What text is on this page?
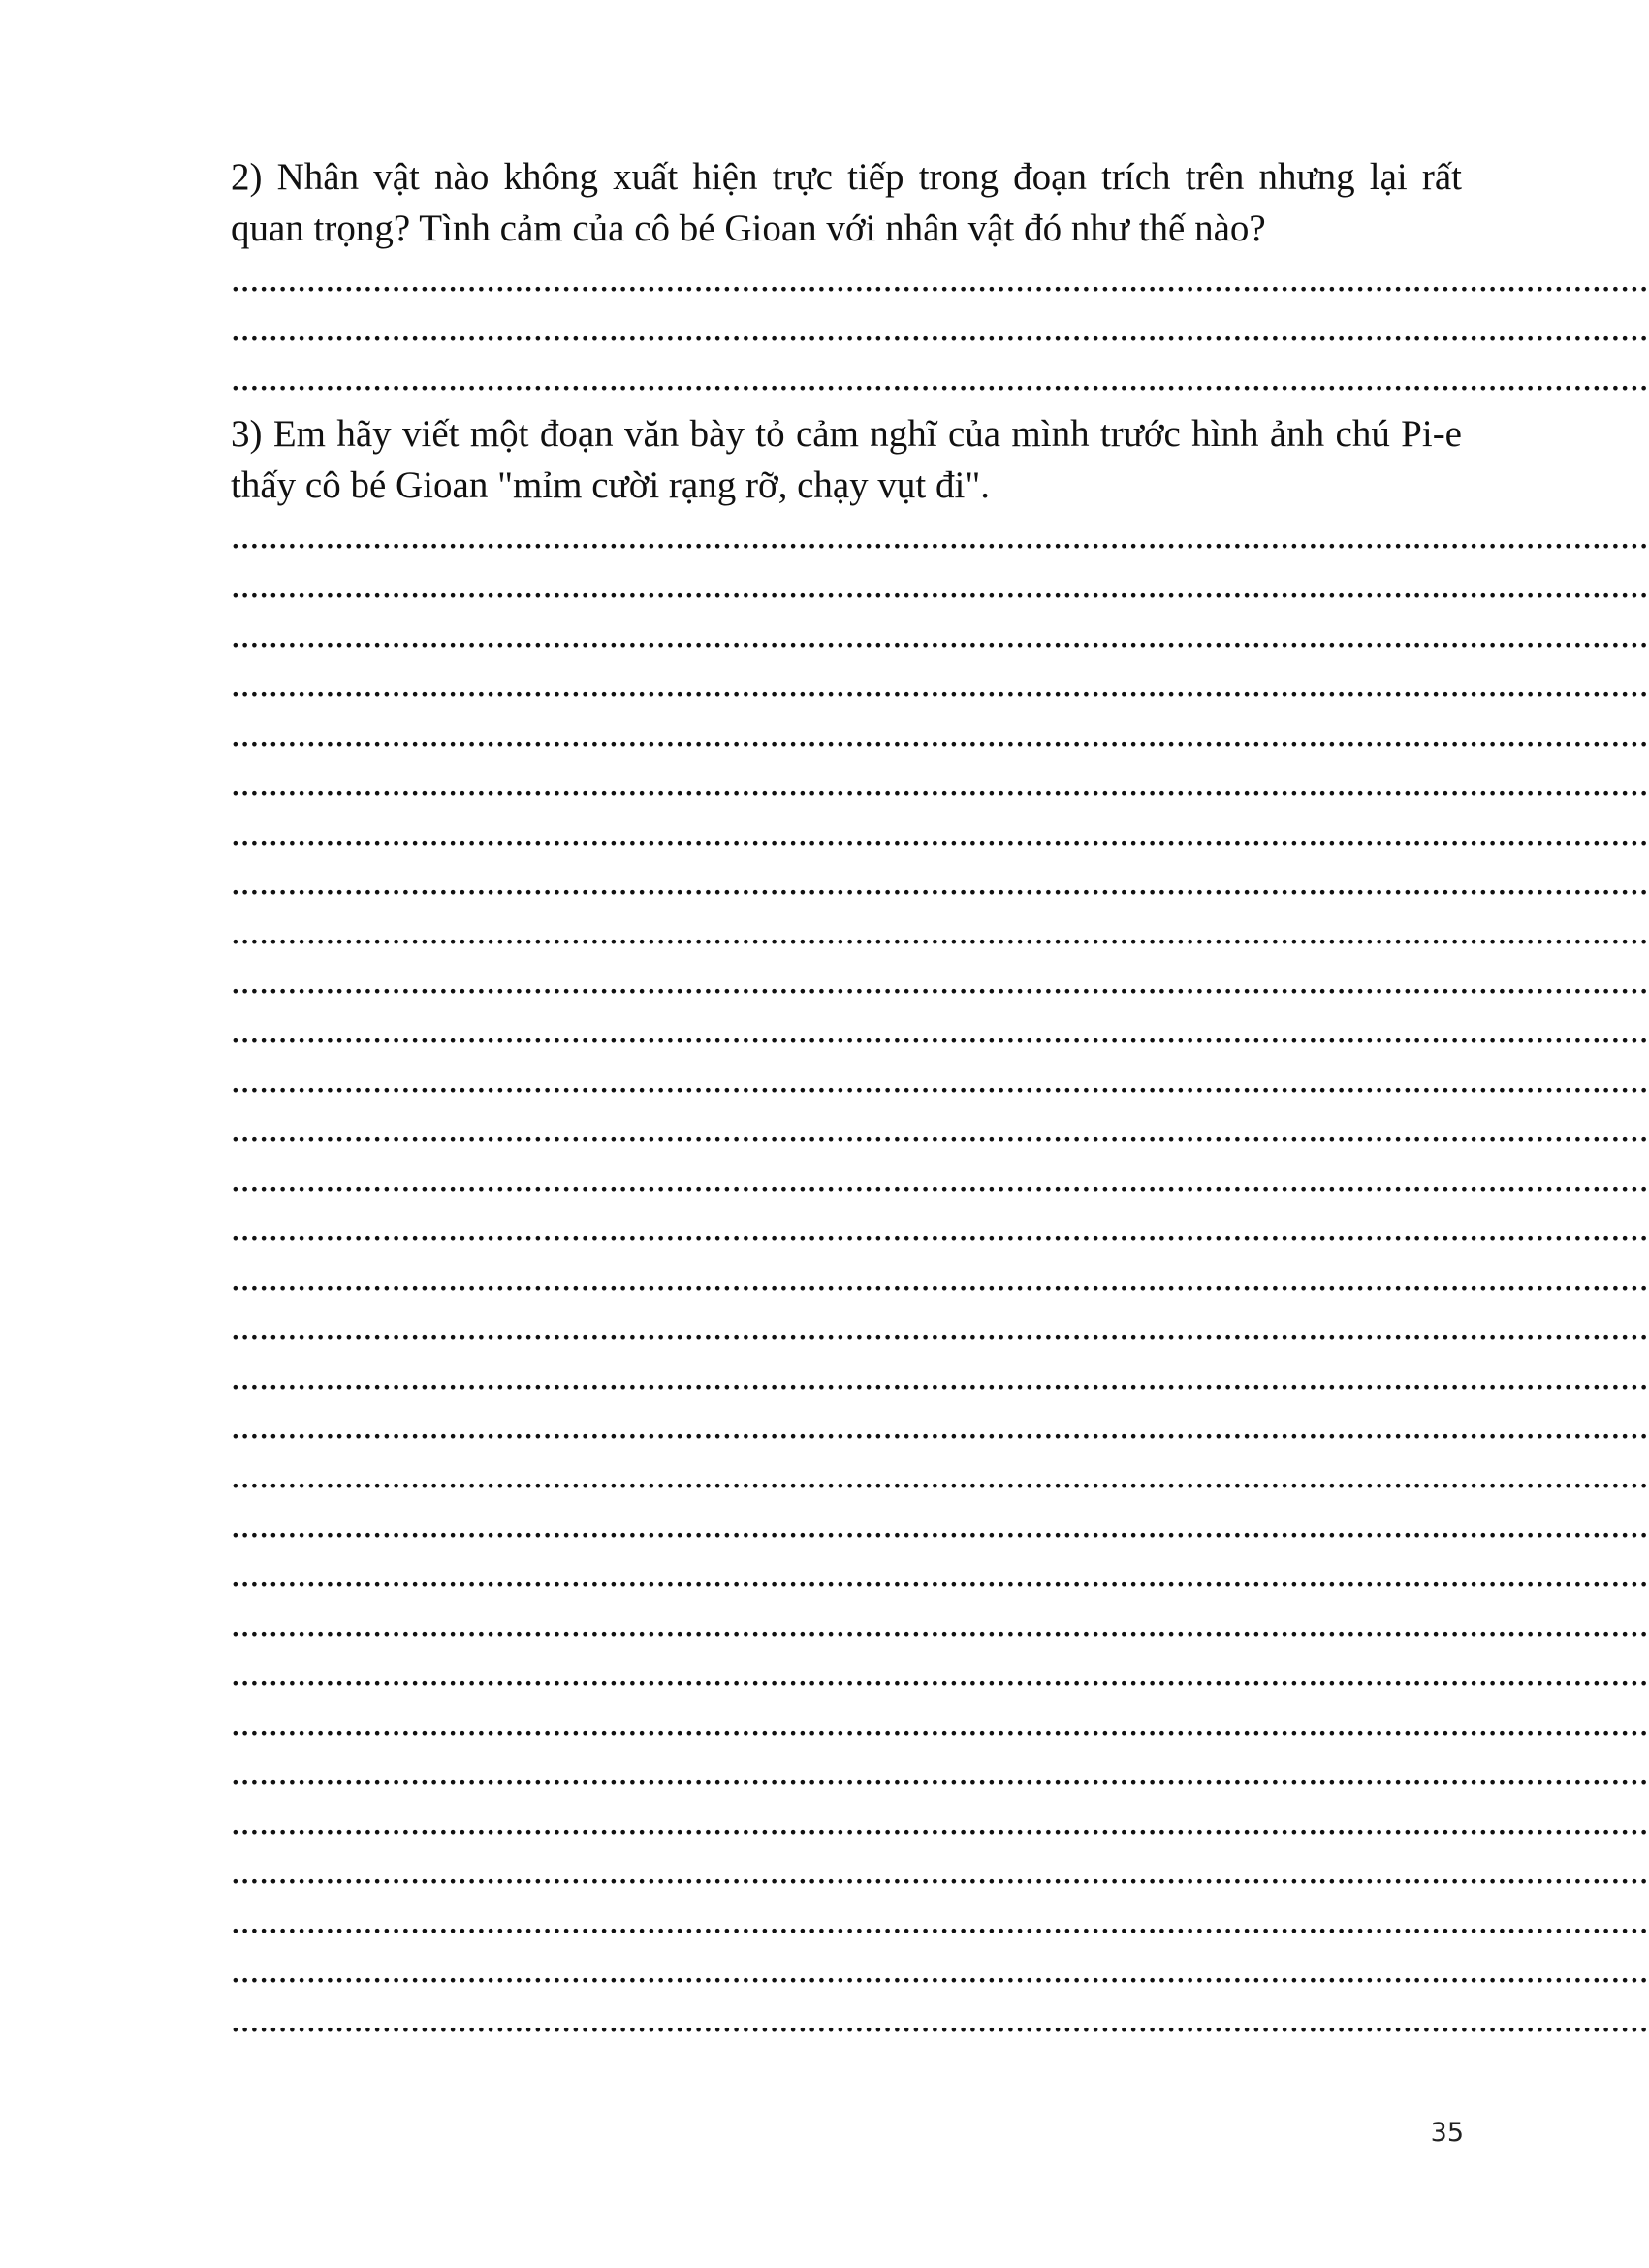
2) Nhân vật nào không xuất hiện trực tiếp trong đoạn trích trên nhưng lại rất quan trọng? Tình cảm của cô bé Gioan với nhân vật đó như thế nào?

......................................................................................................................................................
......................................................................................................................................................
......................................................................................................................................................

3) Em hãy viết một đoạn văn bày tỏ cảm nghĩ của mình trước hình ảnh chú Pi-e thấy cô bé Gioan "mỉm cười rạng rỡ, chạy vụt đi".

......................................................................................................................................................
......................................................................................................................................................
......................................................................................................................................................
......................................................................................................................................................
......................................................................................................................................................
......................................................................................................................................................
......................................................................................................................................................
......................................................................................................................................................
......................................................................................................................................................
......................................................................................................................................................
......................................................................................................................................................
......................................................................................................................................................
......................................................................................................................................................
......................................................................................................................................................
......................................................................................................................................................
......................................................................................................................................................
......................................................................................................................................................
......................................................................................................................................................
......................................................................................................................................................
......................................................................................................................................................
......................................................................................................................................................
......................................................................................................................................................
......................................................................................................................................................
......................................................................................................................................................
......................................................................................................................................................
......................................................................................................................................................
......................................................................................................................................................
......................................................................................................................................................
......................................................................................................................................................
......................................................................................................................................................
......................................................................................................................................................
35
